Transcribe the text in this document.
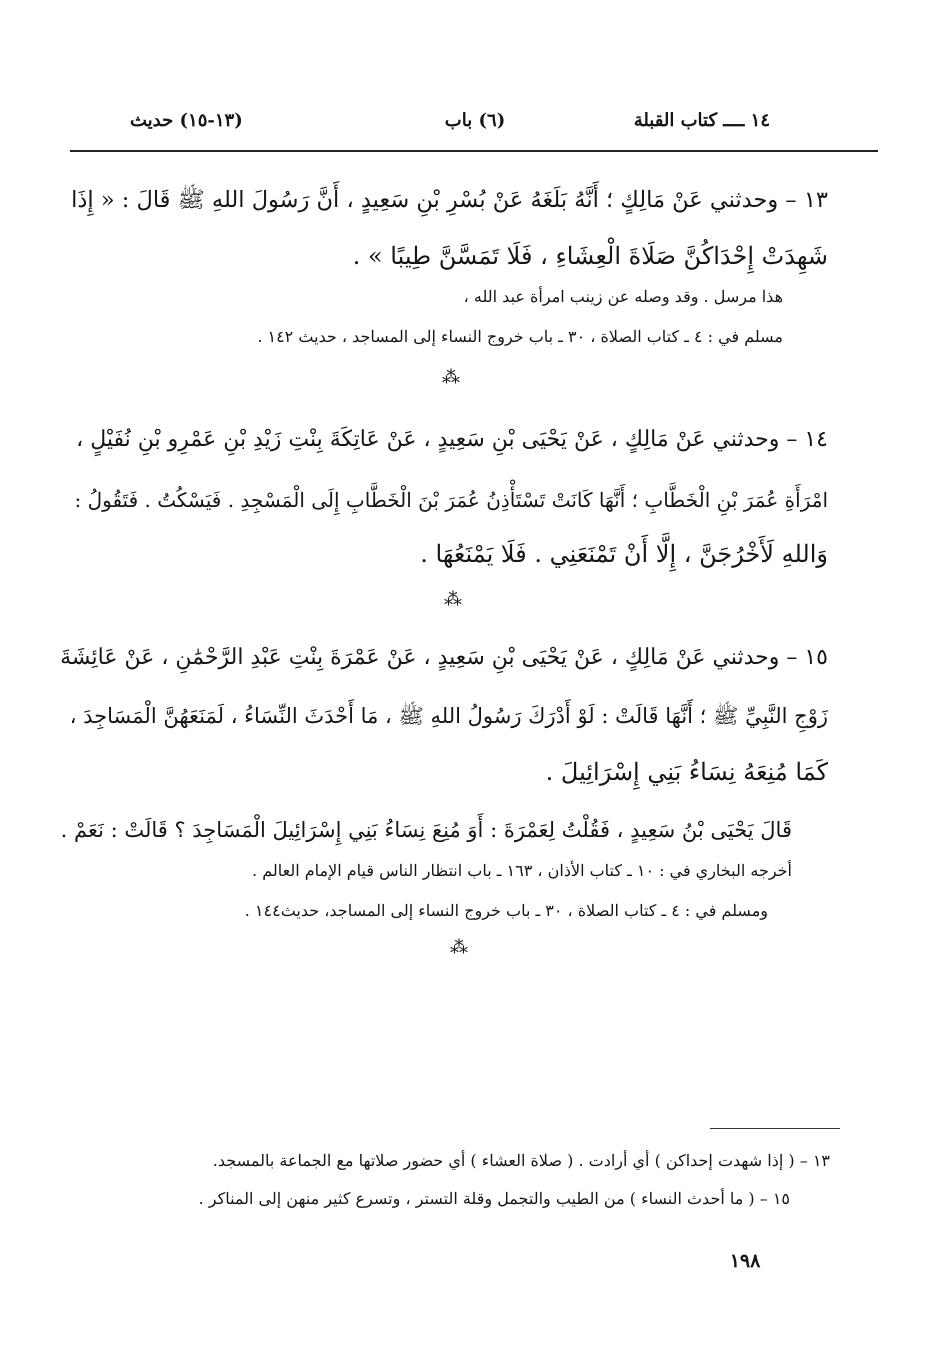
١٤ ــــ كتاب القبلة
(٦) باب
(١٣-١٥) حديث
١٣ – وحدثني عَنْ مَالِكٍ ؛ أَنَّهُ بَلَغَهُ عَنْ بُسْرِ بْنِ سَعِيدٍ ، أَنَّ رَسُولَ اللهِ ﷺ قَالَ : « إِذَا
شَهِدَتْ إِحْدَاكُنَّ صَلَاةَ الْعِشَاءِ ، فَلَا تَمَسَّنَّ طِيبًا » .
هذا مرسل . وقد وصله عن زينب امرأة عبد الله ،
مسلم في : ٤ ـ كتاب الصلاة ، ٣٠ ـ باب خروج النساء إلى المساجد ، حديث ١٤٢ .
⁂
١٤ – وحدثني عَنْ مَالِكٍ ، عَنْ يَحْيَى بْنِ سَعِيدٍ ، عَنْ عَاتِكَةَ بِنْتِ زَيْدِ بْنِ عَمْرِو بْنِ نُفَيْلٍ ،
امْرَأَةِ عُمَرَ بْنِ الْخَطَّابِ ؛ أَنَّهَا كَانَتْ تَسْتَأْذِنُ عُمَرَ بْنَ الْخَطَّابِ إِلَى الْمَسْجِدِ . فَيَسْكُتُ . فَتَقُولُ :
وَاللهِ لَأَخْرُجَنَّ ، إِلَّا أَنْ تَمْنَعَنِي . فَلَا يَمْنَعُهَا .
⁂
١٥ – وحدثني عَنْ مَالِكٍ ، عَنْ يَحْيَى بْنِ سَعِيدٍ ، عَنْ عَمْرَةَ بِنْتِ عَبْدِ الرَّحْمَٰنِ ، عَنْ عَائِشَةَ
زَوْجِ النَّبِيِّ ﷺ ؛ أَنَّهَا قَالَتْ : لَوْ أَدْرَكَ رَسُولُ اللهِ ﷺ ، مَا أَحْدَثَ النِّسَاءُ ، لَمَنَعَهُنَّ الْمَسَاجِدَ ،
كَمَا مُنِعَهُ نِسَاءُ بَنِي إِسْرَائِيلَ .
قَالَ يَحْيَى بْنُ سَعِيدٍ ، فَقُلْتُ لِعَمْرَةَ : أَوَ مُنِعَ نِسَاءُ بَنِي إِسْرَائِيلَ الْمَسَاجِدَ ؟ قَالَتْ : نَعَمْ .
أخرجه البخاري في : ١٠ ـ كتاب الأذان ، ١٦٣ ـ باب انتظار الناس قيام الإمام العالم .
ومسلم في : ٤ ـ كتاب الصلاة ، ٣٠ ـ باب خروج النساء إلى المساجد، حديث١٤٤ .
⁂
١٣ – ( إذا شهدت إحداكن ) أي أرادت . ( صلاة العشاء ) أي حضور صلاتها مع الجماعة بالمسجد.
١٥ – ( ما أحدث النساء ) من الطيب والتجمل وقلة التستر ، وتسرع كثير منهن إلى المناكر .
١٩٨
